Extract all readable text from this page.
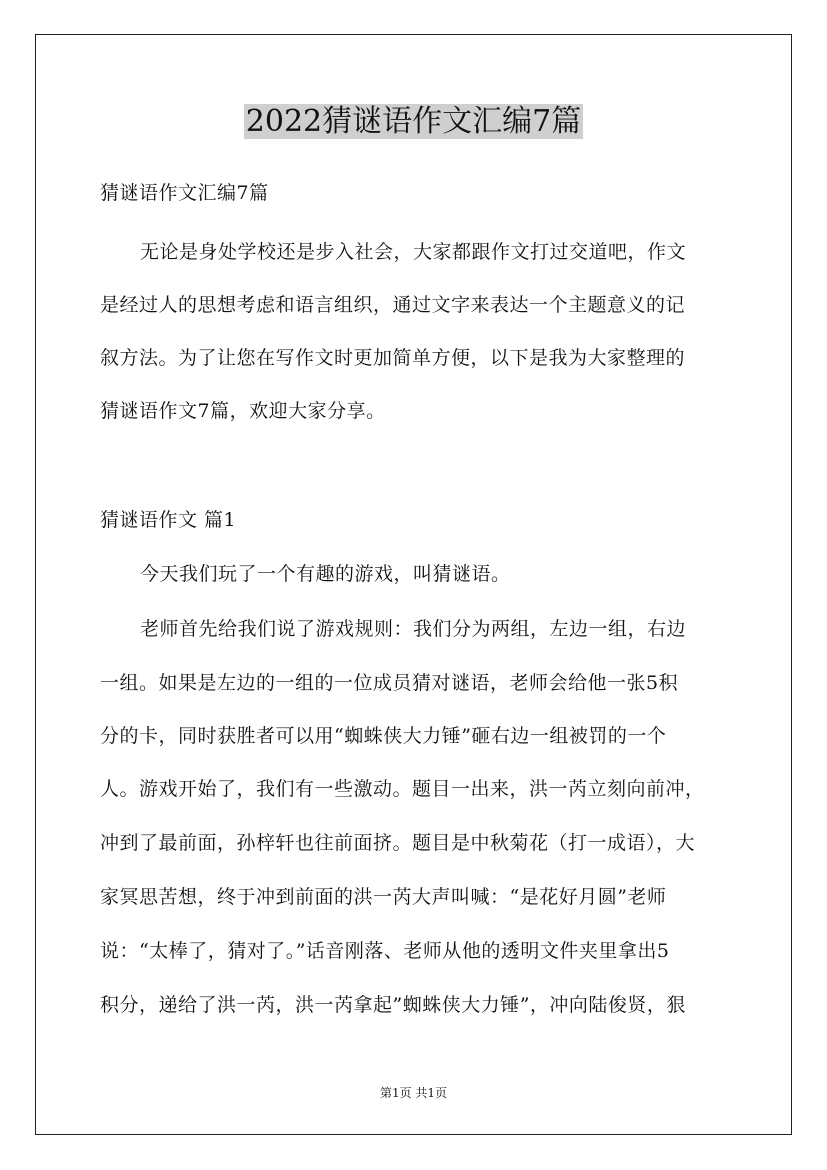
2022猜谜语作文汇编7篇
猜谜语作文汇编7篇
无论是身处学校还是步入社会，大家都跟作文打过交道吧，作文
是经过人的思想考虑和语言组织，通过文字来表达一个主题意义的记
叙方法。为了让您在写作文时更加简单方便，以下是我为大家整理的
猜谜语作文7篇，欢迎大家分享。
猜谜语作文 篇1
今天我们玩了一个有趣的游戏，叫猜谜语。
老师首先给我们说了游戏规则：我们分为两组，左边一组，右边
一组。如果是左边的一组的一位成员猜对谜语，老师会给他一张5积
分的卡，同时获胜者可以用“蜘蛛侠大力锤”砸右边一组被罚的一个
人。游戏开始了，我们有一些激动。题目一出来，洪一芮立刻向前冲，
冲到了最前面，孙梓轩也往前面挤。题目是中秋菊花（打一成语），大
家冥思苦想，终于冲到前面的洪一芮大声叫喊：“是花好月圆”老师
说：“太棒了，猜对了。”话音刚落、老师从他的透明文件夹里拿出5
积分，递给了洪一芮，洪一芮拿起”蜘蛛侠大力锤”，冲向陆俊贤，狠
第1页 共1页
